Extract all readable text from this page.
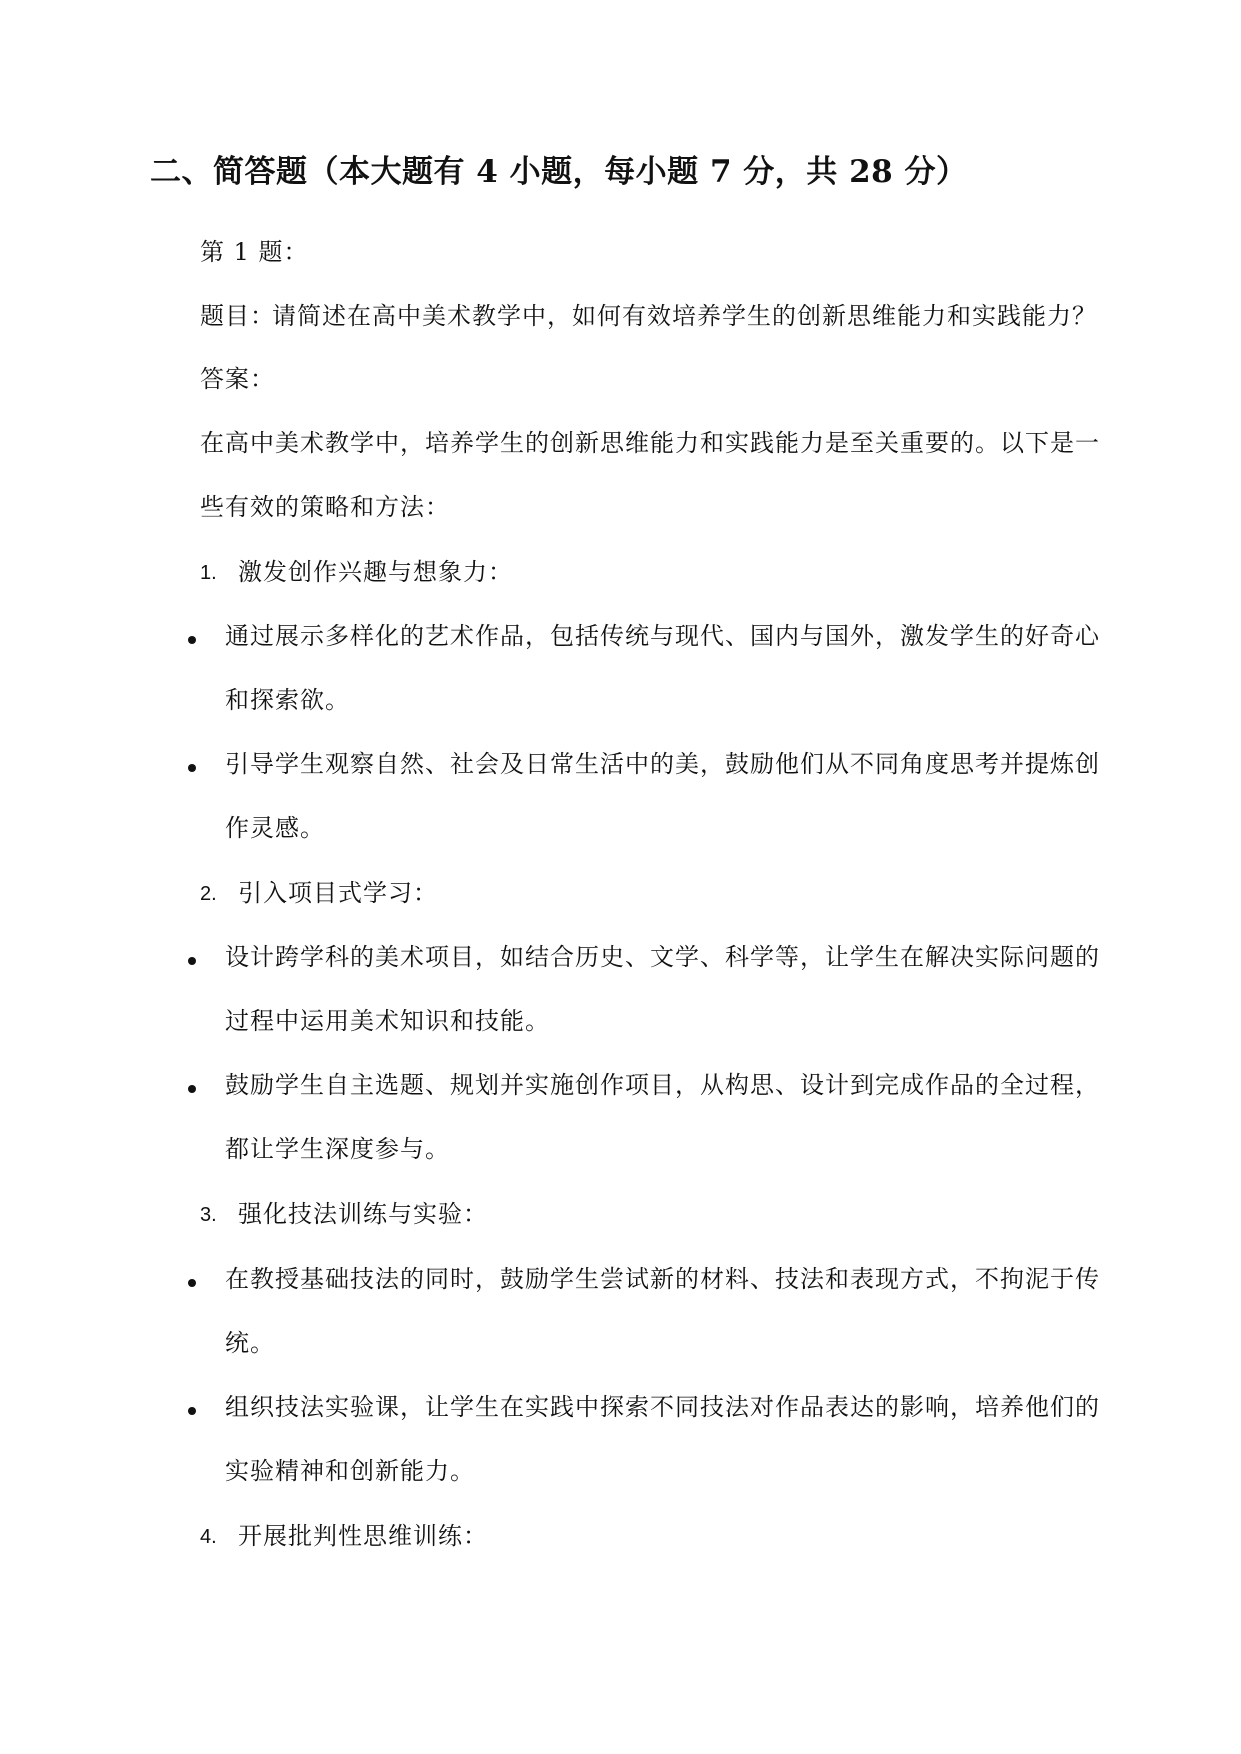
二、简答题（本大题有 4 小题，每小题 7 分，共 28 分）
第 1 题：
题目：
请简述在高中美术教学中，如何有效培养学生的创新思维能力和实践能力？
答案：
在高中美术教学中，培养学生的创新思维能力和实践能力是至关重要的。以下是一
些有效的策略和方法：
1. 激发创作兴趣与想象力：
通过展示多样化的艺术作品，包括传统与现代、国内与国外，激发学生的好奇心
和探索欲。
引导学生观察自然、社会及日常生活中的美，鼓励他们从不同角度思考并提炼创
作灵感。
2. 引入项目式学习：
设计跨学科的美术项目，如结合历史、文学、科学等，让学生在解决实际问题的
过程中运用美术知识和技能。
鼓励学生自主选题、规划并实施创作项目，从构思、设计到完成作品的全过程，
都让学生深度参与。
3. 强化技法训练与实验：
在教授基础技法的同时，鼓励学生尝试新的材料、技法和表现方式，不拘泥于传
统。
组织技法实验课，让学生在实践中探索不同技法对作品表达的影响，培养他们的
实验精神和创新能力。
4. 开展批判性思维训练：
